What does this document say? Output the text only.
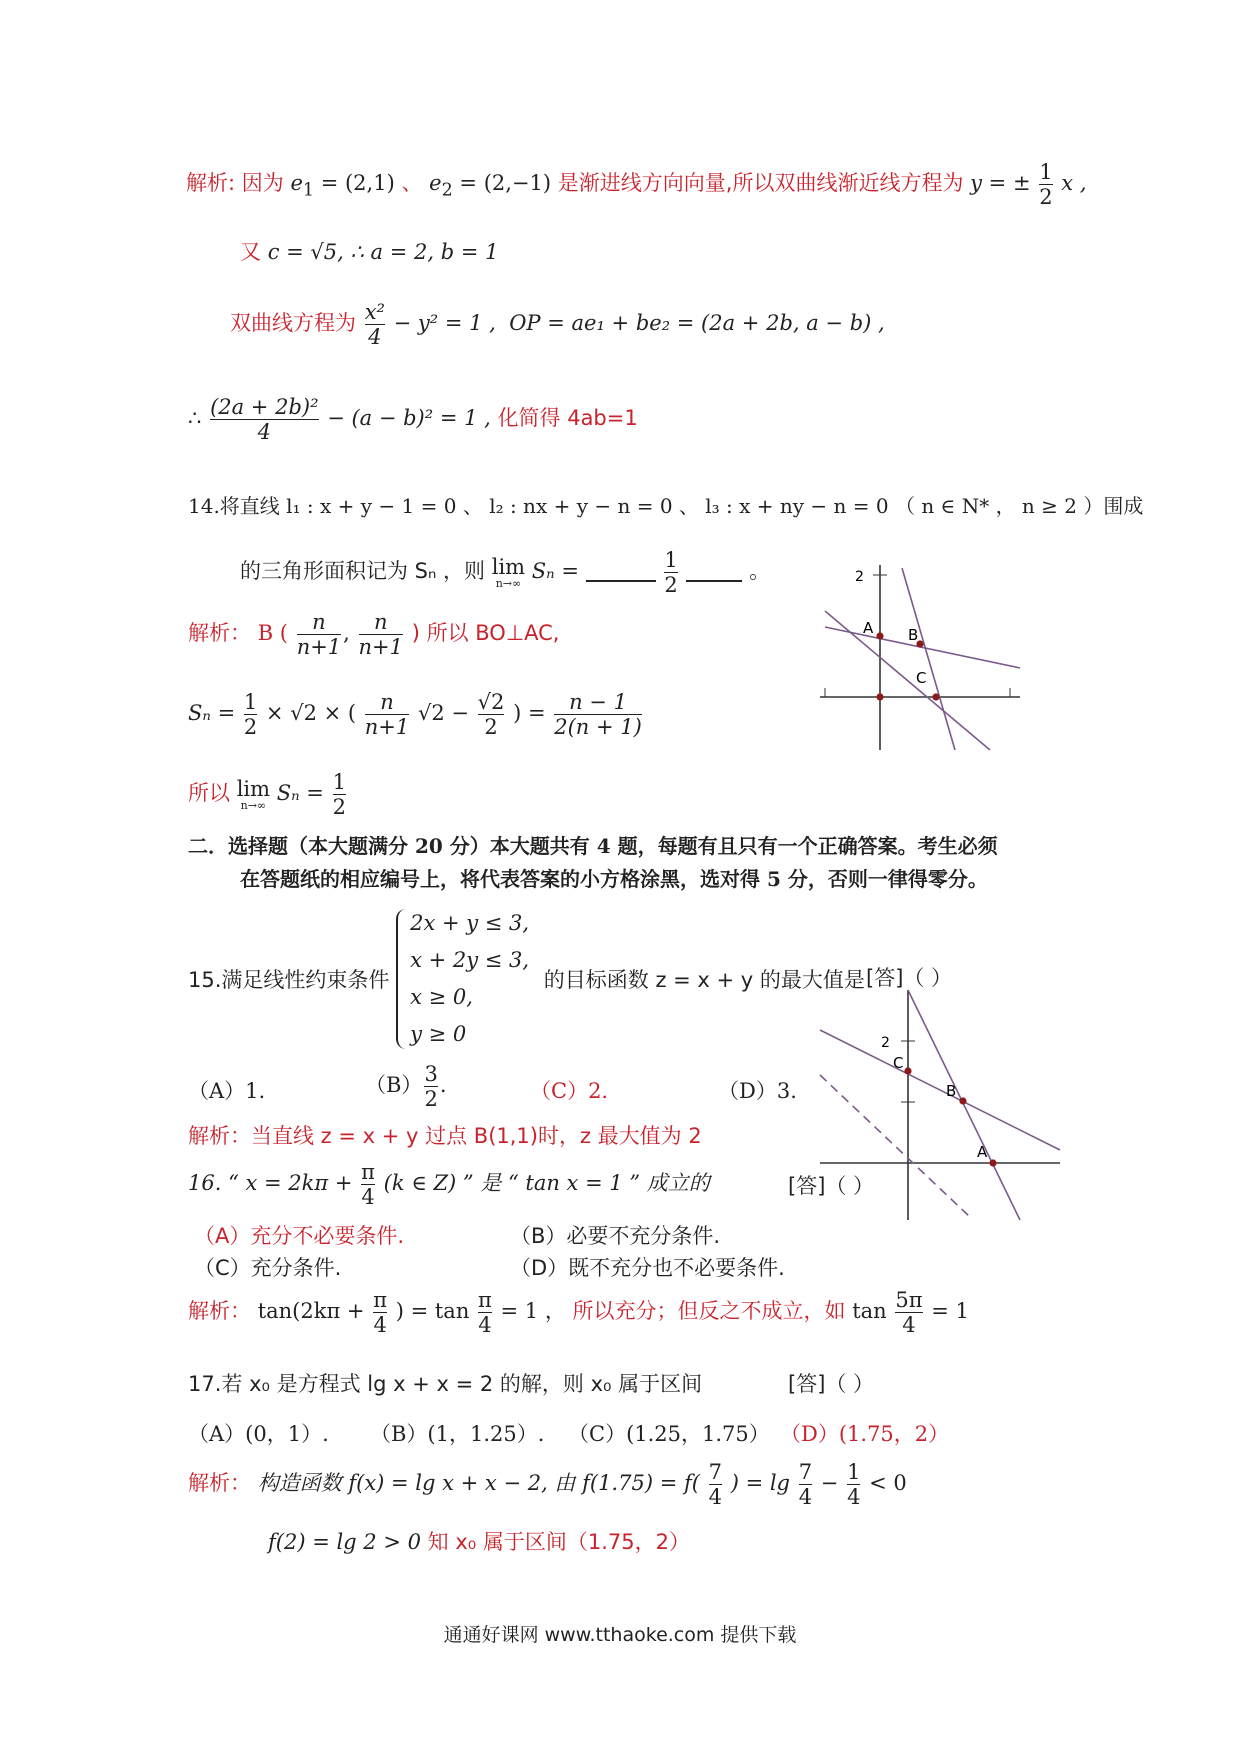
解析: 因为 $e_1 = (2,1)$ 、 $e_2 = (2,-1)$ 是渐进线方向向量,所以双曲线渐近线方程为 y = ± $\frac{1}{2}$ x ,
又 c = √5, ∴ a = 2, b = 1
双曲线方程为 $\frac{\text{x²}}{4} - y^2 = 1$ , OP = ae₁ + be₂ = (2a + 2b, a − b) ,
∴ $\frac{\text{(2a + 2b)²}}{4} - (a - b)^2 = 1$ , 化简得 4ab=1
14.将直线 l₁ : x + y − 1 = 0 、 l₂ : nx + y − n = 0 、 l₃ : x + ny − n = 0 （ n ∈ N* ， n ≥ 2 ）围成
的三角形面积记为 Sₙ ，则 lim
n→∞ Sₙ =	$\frac{1}{2}$	。
解析： B ( $\frac{n}{n+1}$ , $\frac{n}{n+1}$ ) 所以 BO⊥AC,
$S_n = \frac{1}{2} \times √2$ × ( $\frac{n}{n+1} √2 - \frac{√2}{2}$ ) = $\frac{n - 1}{2(n + 1)}$
所以 lim
n→∞ $S_n = \frac{1}{2}$
2
A B
C
二．选择题（本大题满分 20 分）本大题共有 4 题，每题有且只有一个正确答案。考生必须
在答题纸的相应编号上，将代表答案的小方格涂黑，选对得 5 分，否则一律得零分。
15.满足线性约束条件
2x + y ≤ 3,
x + 2y ≤ 3,
x ≥ 0,
y ≥ 0
的目标函数 z = x + y 的最大值是 [答]（ ）
（A）1.	$(B) \frac{3}{2}$ .	（C）2.	（D）3.
解析：当直线 z = x + y 过点 B(1,1)时，z 最大值为 2
2
C
B
A
16. “ $x = 2k\pi + \frac{\pi}{4} (k$ ∈ Z) ” 是 “ tan x = 1 ” 成立的	[答]（ ）
（A）充分不必要条件.	（B）必要不充分条件.
（C）充分条件.	（D）既不充分也不必要条件.
解析： $\tan(2k\pi + \frac{\pi}{4}$ ) = $\tan \frac{\pi}{4} = 1$ ， 所以充分；但反之不成立，如 $\tan \frac{5\pi}{4} = 1$
17.若 x₀ 是方程式 lg x + x = 2 的解，则 x₀ 属于区间	[答]（ ）
（A）(0，1）. （B）(1，1.25）. （C）(1.25，1.75） （D）(1.75，2）
解析： 构造函数 f(x) = lg x + x − 2, 由 $f(1.75) = f( \frac{7}{4}$ ) = $\lg \frac{7}{4} - \frac{1}{4} < 0$
f(2) = lg 2 > 0 知 x₀ 属于区间（1.75，2）
通通好课网 www.tthaoke.com 提供下载
